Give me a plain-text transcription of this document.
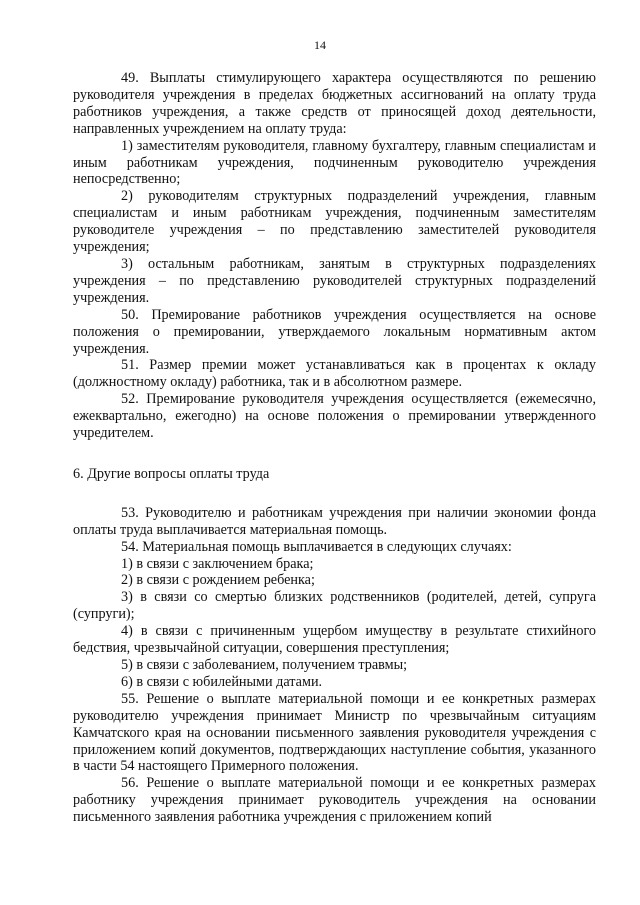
14

49. Выплаты стимулирующего характера осуществляются по решению руководителя учреждения в пределах бюджетных ассигнований на оплату труда работников учреждения, а также средств от приносящей доход деятельности, направленных учреждением на оплату труда:

1) заместителям руководителя, главному бухгалтеру, главным специалистам и иным работникам учреждения, подчиненным руководителю учреждения непосредственно;

2) руководителям структурных подразделений учреждения, главным специалистам и иным работникам учреждения, подчиненным заместителям руководителе учреждения – по представлению заместителей руководителя учреждения;

3) остальным работникам, занятым в структурных подразделениях учреждения – по представлению руководителей структурных подразделений учреждения.

50. Премирование работников учреждения осуществляется на основе положения о премировании, утверждаемого локальным нормативным актом учреждения.

51. Размер премии может устанавливаться как в процентах к окладу (должностному окладу) работника, так и в абсолютном размере.

52. Премирование руководителя учреждения осуществляется (ежемесячно, ежеквартально, ежегодно) на основе положения о премировании утвержденного учредителем.

6. Другие вопросы оплаты труда

53. Руководителю и работникам учреждения при наличии экономии фонда оплаты труда выплачивается материальная помощь.

54. Материальная помощь выплачивается в следующих случаях:

1) в связи с заключением брака;

2) в связи с рождением ребенка;

3) в связи со смертью близких родственников (родителей, детей, супруга (супруги);

4) в связи с причиненным ущербом имуществу в результате стихийного бедствия, чрезвычайной ситуации, совершения преступления;

5) в связи с заболеванием, получением травмы;

6) в связи с юбилейными датами.

55. Решение о выплате материальной помощи и ее конкретных размерах руководителю учреждения принимает Министр по чрезвычайным ситуациям Камчатского края на основании письменного заявления руководителя учреждения с приложением копий документов, подтверждающих наступление события, указанного в части 54 настоящего Примерного положения.

56. Решение о выплате материальной помощи и ее конкретных размерах работнику учреждения принимает руководитель учреждения на основании письменного заявления работника учреждения с приложением копий
